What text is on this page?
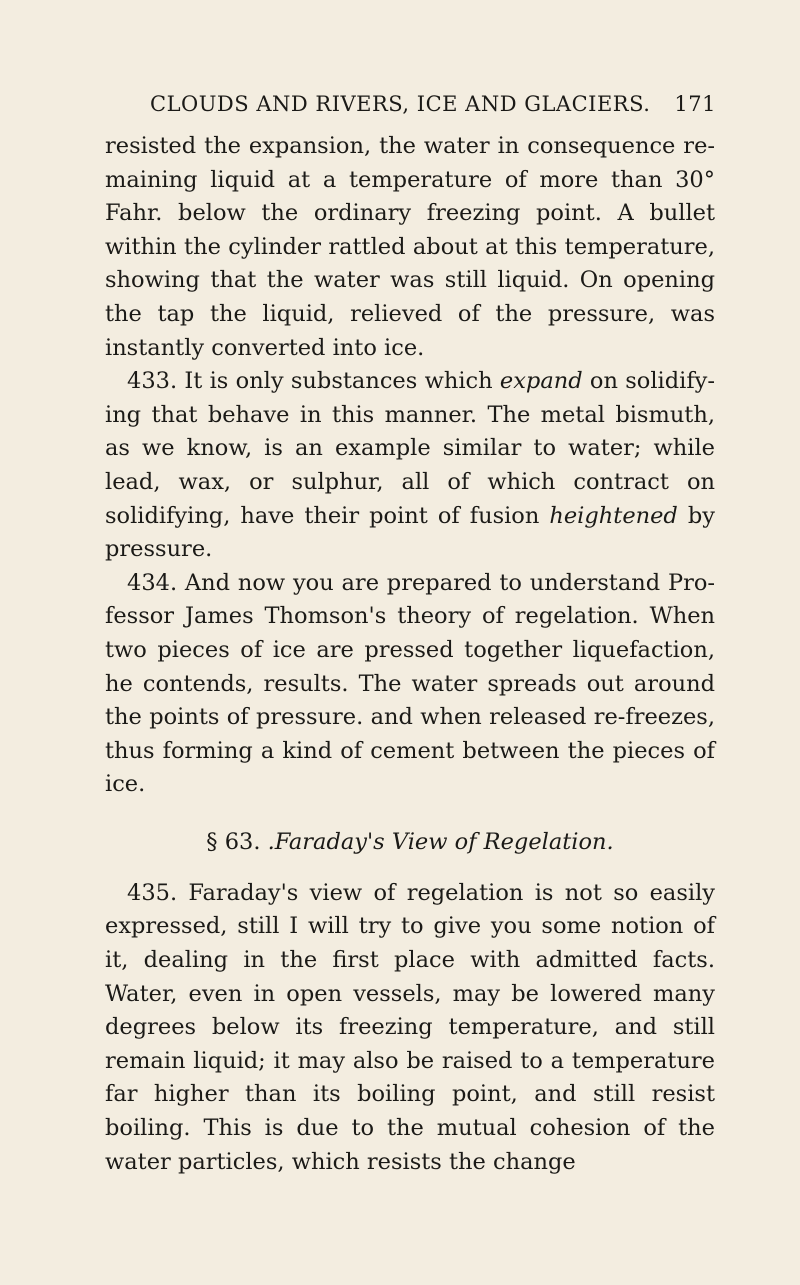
CLOUDS AND RIVERS, ICE AND GLACIERS. 171

resisted the expansion, the water in consequence re-maining liquid at a temperature of more than 30° Fahr. below the ordinary freezing point. A bullet within the cylinder rattled about at this temperature, showing that the water was still liquid. On opening the tap the liquid, relieved of the pressure, was instantly converted into ice.

433. It is only substances which expand on solidify-ing that behave in this manner. The metal bismuth, as we know, is an example similar to water; while lead, wax, or sulphur, all of which contract on solidifying, have their point of fusion heightened by pressure.

434. And now you are prepared to understand Pro-fessor James Thomson's theory of regelation. When two pieces of ice are pressed together liquefaction, he contends, results. The water spreads out around the points of pressure. and when released re-freezes, thus forming a kind of cement between the pieces of ice.

§ 63. .Faraday's View of Regelation.

435. Faraday's view of regelation is not so easily expressed, still I will try to give you some notion of it, dealing in the first place with admitted facts. Water, even in open vessels, may be lowered many degrees below its freezing temperature, and still remain liquid; it may also be raised to a temperature far higher than its boiling point, and still resist boiling. This is due to the mutual cohesion of the water particles, which resists the change
